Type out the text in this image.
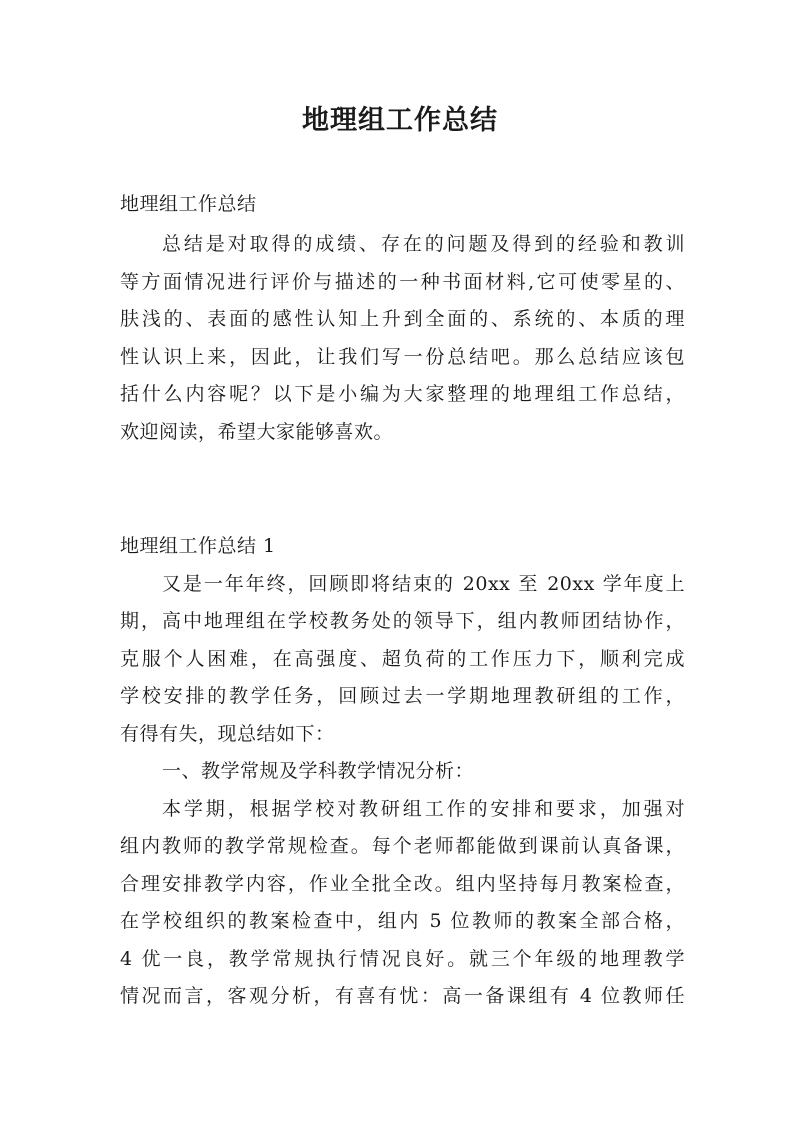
地理组工作总结
地理组工作总结
总结是对取得的成绩、存在的问题及得到的经验和教训
等方面情况进行评价与描述的一种书面材料,它可使零星的、
肤浅的、表面的感性认知上升到全面的、系统的、本质的理
性认识上来，因此，让我们写一份总结吧。那么总结应该包
括什么内容呢？以下是小编为大家整理的地理组工作总结，
欢迎阅读，希望大家能够喜欢。
地理组工作总结 1
又是一年年终，回顾即将结束的 20xx 至 20xx 学年度上
期，高中地理组在学校教务处的领导下，组内教师团结协作，
克服个人困难，在高强度、超负荷的工作压力下，顺利完成
学校安排的教学任务，回顾过去一学期地理教研组的工作，
有得有失，现总结如下：
一、教学常规及学科教学情况分析：
本学期，根据学校对教研组工作的安排和要求，加强对
组内教师的教学常规检查。每个老师都能做到课前认真备课，
合理安排教学内容，作业全批全改。组内坚持每月教案检查，
在学校组织的教案检查中，组内 5 位教师的教案全部合格，
4 优一良，教学常规执行情况良好。就三个年级的地理教学
情况而言，客观分析，有喜有忧：高一备课组有 4 位教师任
